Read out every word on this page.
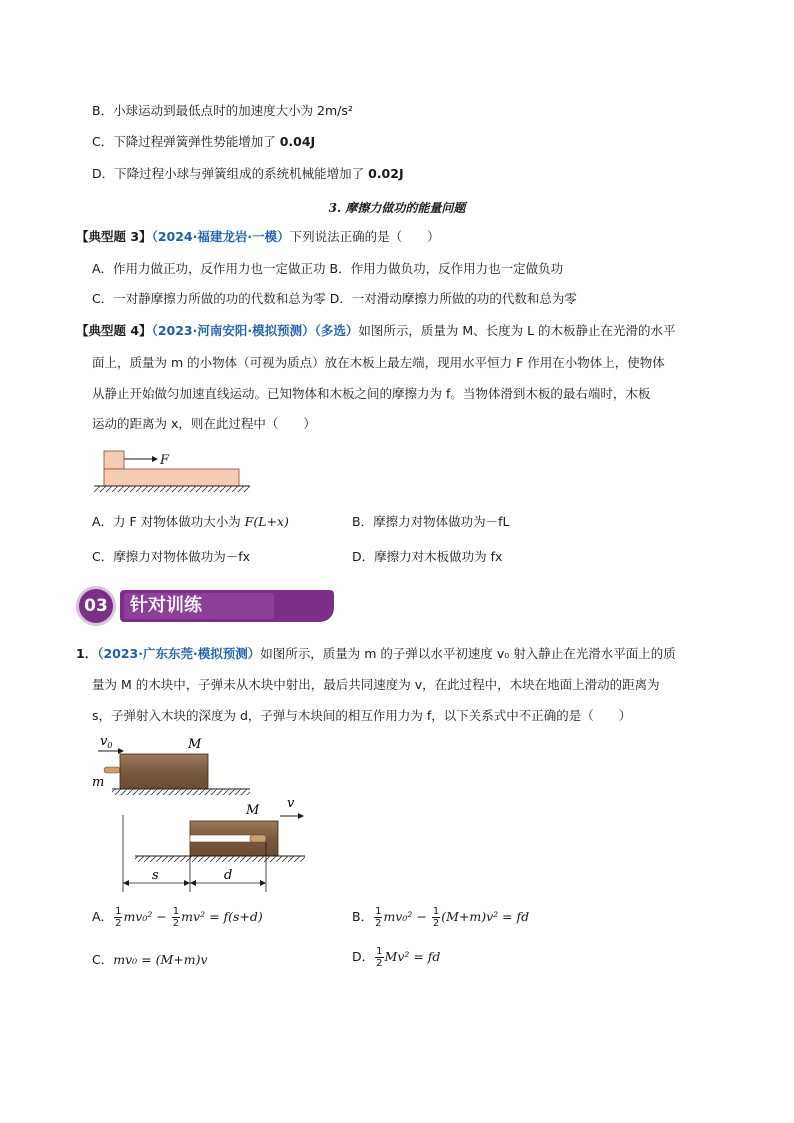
B．小球运动到最低点时的加速度大小为 2m/s²
C．下降过程弹簧弹性势能增加了 0.04J
D．下降过程小球与弹簧组成的系统机械能增加了 0.02J
3. 摩擦力做功的能量问题
【典型题 3】（2024·福建龙岩·一模）下列说法正确的是（　　）
A．作用力做正功，反作用力也一定做正功 B．作用力做负功，反作用力也一定做负功
C．一对静摩擦力所做的功的代数和总为零 D．一对滑动摩擦力所做的功的代数和总为零
【典型题 4】（2023·河南安阳·模拟预测）（多选）如图所示，质量为 M、长度为 L 的木板静止在光滑的水平
面上，质量为 m 的小物体（可视为质点）放在木板上最左端，现用水平恒力 F 作用在小物体上，使物体
从静止开始做匀加速直线运动。已知物体和木板之间的摩擦力为 f。当物体滑到木板的最右端时，木板
运动的距离为 x，则在此过程中（　　）
F
A．力 F 对物体做功大小为 F(L+x)	B．摩擦力对物体做功为－fL
C．摩擦力对物体做功为－fx	D．摩擦力对木板做功为 fx
03	针对训练
1．（2023·广东东莞·模拟预测）如图所示，质量为 m 的子弹以水平初速度 v₀ 射入静止在光滑水平面上的质
量为 M 的木块中，子弹未从木块中射出，最后共同速度为 v，在此过程中，木块在地面上滑动的距离为
s，子弹射入木块的深度为 d，子弹与木块间的相互作用力为 f，以下关系式中不正确的是（　　）
$v_0$
m
M
M v
s	d
A． $\frac{1}{2} mv_0^2 - \frac{1}{2} mv^2 = f(s+d)$	B． $\frac{1}{2} mv_0^2 - \frac{1}{2} (M+m)v^2$ = fd
C．mv₀ = (M+m)v	D． $\frac{1}{2} Mv^2$ = fd
